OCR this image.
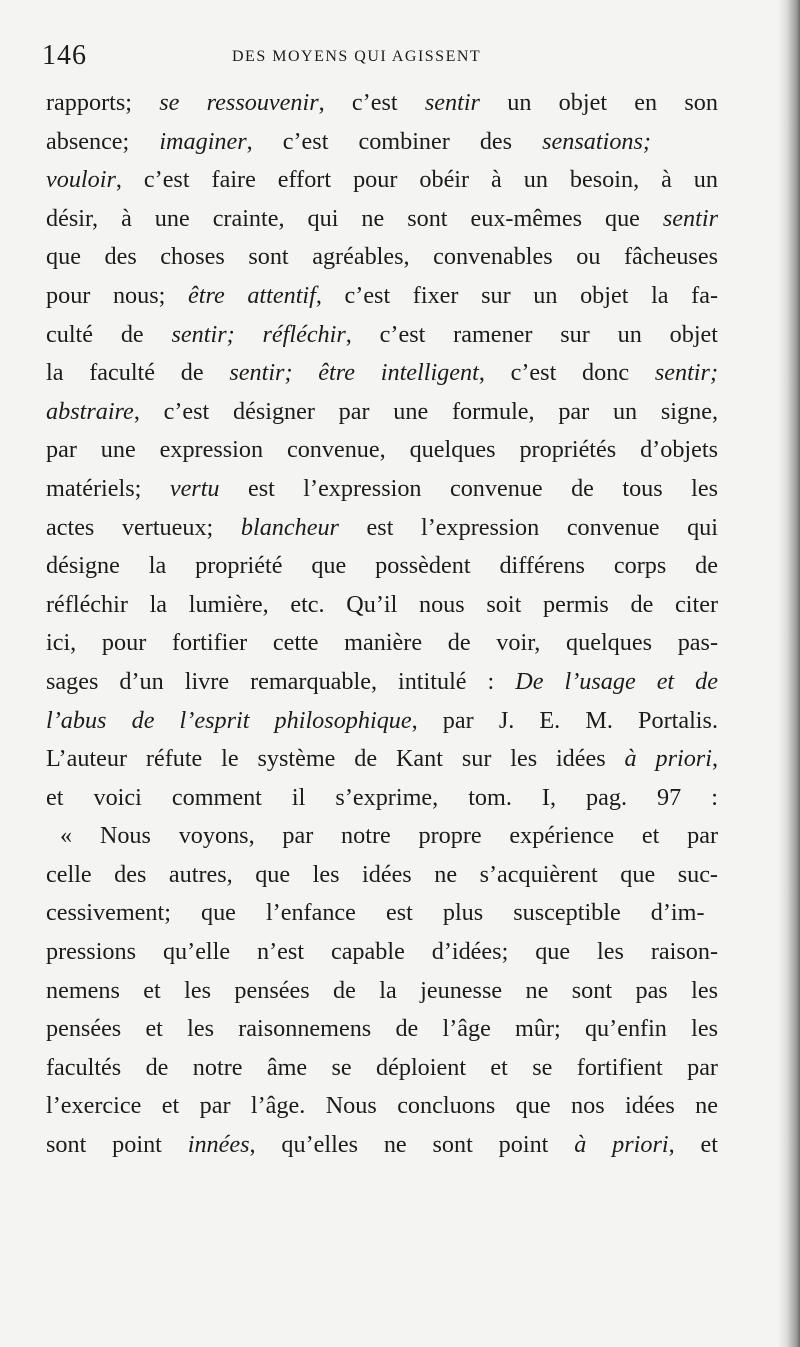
146	DES MOYENS QUI AGISSENT
rapports; se ressouvenir, c’est sentir un objet en son
absence; imaginer, c’est combiner des sensations;
vouloir, c’est faire effort pour obéir à un besoin, à un
désir, à une crainte, qui ne sont eux-mêmes que sentir
que des choses sont agréables, convenables ou fâcheuses
pour nous; être attentif, c’est fixer sur un objet la fa-
culté de sentir; réfléchir, c’est ramener sur un objet
la faculté de sentir; être intelligent, c’est donc sentir;
abstraire, c’est désigner par une formule, par un signe,
par une expression convenue, quelques propriétés d’objets
matériels; vertu est l’expression convenue de tous les
actes vertueux; blancheur est l’expression convenue qui
désigne la propriété que possèdent différens corps de
réfléchir la lumière, etc. Qu’il nous soit permis de citer
ici, pour fortifier cette manière de voir, quelques pas-
sages d’un livre remarquable, intitulé : De l’usage et de
l’abus de l’esprit philosophique, par J. E. M. Portalis.
L’auteur réfute le système de Kant sur les idées à priori,
et voici comment il s’exprime, tom. I, pag. 97 :
« Nous voyons, par notre propre expérience et par
celle des autres, que les idées ne s’acquièrent que suc-
cessivement; que l’enfance est plus susceptible d’im-
pressions qu’elle n’est capable d’idées; que les raison-
nemens et les pensées de la jeunesse ne sont pas les
pensées et les raisonnemens de l’âge mûr; qu’enfin les
facultés de notre âme se déploient et se fortifient par
l’exercice et par l’âge. Nous concluons que nos idées ne
sont point innées, qu’elles ne sont point à priori, et
